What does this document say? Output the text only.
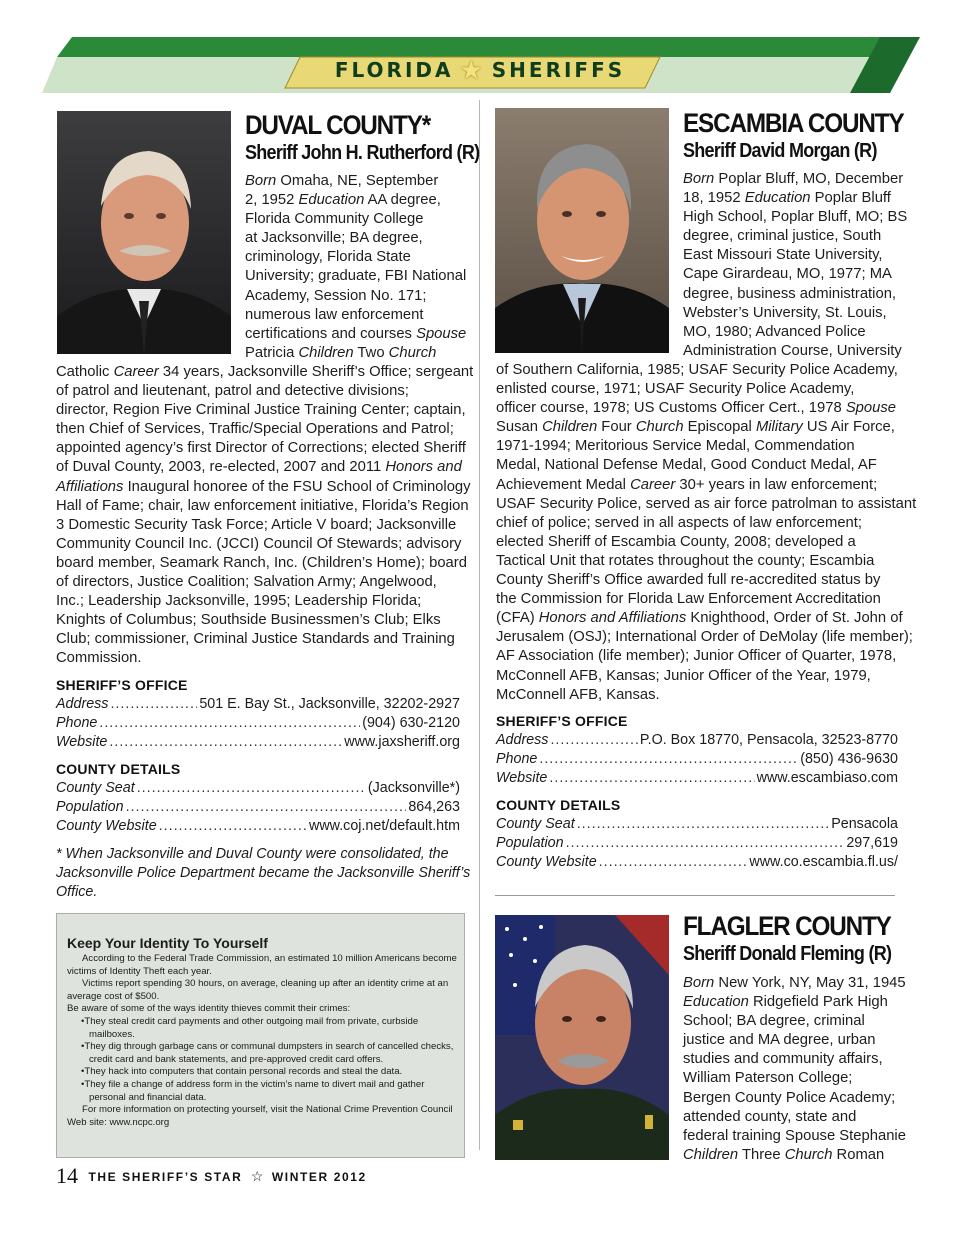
FLORIDA ★ SHERIFFS
DUVAL COUNTY*
Sheriff John H. Rutherford (R)

Born Omaha, NE, September

2, 1952 Education AA degree,

Florida Community College

at Jacksonville; BA degree,

criminology, Florida State

University; graduate, FBI National

Academy, Session No. 171;

numerous law enforcement

certifications and courses Spouse

Patricia Children Two Church

Catholic Career 34 years, Jacksonville Sheriff’s Office; sergeant

of patrol and lieutenant, patrol and detective divisions;

director, Region Five Criminal Justice Training Center; captain,

then Chief of Services, Traffic/Special Operations and Patrol;

appointed agency’s first Director of Corrections; elected Sheriff

of Duval County, 2003, re-elected, 2007 and 2011 Honors and

Affiliations Inaugural honoree of the FSU School of Criminology

Hall of Fame; chair, law enforcement initiative, Florida’s Region

3 Domestic Security Task Force; Article V board; Jacksonville

Community Council Inc. (JCCI) Council Of Stewards; advisory

board member, Seamark Ranch, Inc. (Children’s Home); board

of directors, Justice Coalition; Salvation Army; Angelwood,

Inc.; Leadership Jacksonville, 1995; Leadership Florida;

Knights of Columbus; Southside Businessmen’s Club; Elks

Club; commissioner, Criminal Justice Standards and Training

Commission.

SHERIFF’S OFFICE
Address .....	501 E. Bay St., Jacksonville, 32202-2927
Phone .....	(904) 630-2120
Website .....	www.jaxsheriff.org
COUNTY DETAILS
County Seat .....	(Jacksonville*)
Population .....	864,263
County Website .....	www.coj.net/default.htm
* When Jacksonville and Duval County were consolidated, the Jacksonville Police Department became the Jacksonville Sheriff’s Office.
Keep Your Identity To Yourself

According to the Federal Trade Commission, an estimated 10 million Americans become victims of Identity Theft each year.

Victims report spending 30 hours, on average, cleaning up after an identity crime at an average cost of $500.

Be aware of some of the ways identity thieves commit their crimes:

•They steal credit card payments and other outgoing mail from private, curbside mailboxes.

•They dig through garbage cans or communal dumpsters in search of cancelled checks, credit card and bank statements, and pre-approved credit card offers.

•They hack into computers that contain personal records and steal the data.

•They file a change of address form in the victim’s name to divert mail and gather personal and financial data.

For more information on protecting yourself, visit the National Crime Prevention Council Web site: www.ncpc.org

ESCAMBIA COUNTY
Sheriff David Morgan (R)

Born Poplar Bluff, MO, December

18, 1952 Education Poplar Bluff

High School, Poplar Bluff, MO; BS

degree, criminal justice, South

East Missouri State University,

Cape Girardeau, MO, 1977; MA

degree, business administration,

Webster’s University, St. Louis,

MO, 1980; Advanced Police

Administration Course, University

of Southern California, 1985; USAF Security Police Academy,

enlisted course, 1971; USAF Security Police Academy,

officer course, 1978; US Customs Officer Cert., 1978 Spouse

Susan Children Four Church Episcopal Military US Air Force,

1971-1994; Meritorious Service Medal, Commendation

Medal, National Defense Medal, Good Conduct Medal, AF

Achievement Medal Career 30+ years in law enforcement;

USAF Security Police, served as air force patrolman to assistant

chief of police; served in all aspects of law enforcement;

elected Sheriff of Escambia County, 2008; developed a

Tactical Unit that rotates throughout the county; Escambia

County Sheriff’s Office awarded full re-accredited status by

the Commission for Florida Law Enforcement Accreditation

(CFA) Honors and Affiliations Knighthood, Order of St. John of

Jerusalem (OSJ); International Order of DeMolay (life member);

AF Association (life member); Junior Officer of Quarter, 1978,

McConnell AFB, Kansas; Junior Officer of the Year, 1979,

McConnell AFB, Kansas.

SHERIFF’S OFFICE
Address .....	P.O. Box 18770, Pensacola, 32523-8770
Phone .....	(850) 436-9630
Website .....	www.escambiaso.com
COUNTY DETAILS
County Seat .....	Pensacola
Population .....	297,619
County Website .....	www.co.escambia.fl.us/
FLAGLER COUNTY
Sheriff Donald Fleming (R)

Born New York, NY, May 31, 1945

Education Ridgefield Park High

School; BA degree, criminal

justice and MA degree, urban

studies and community affairs,

William Paterson College;

Bergen County Police Academy;

attended county, state and

federal training Spouse Stephanie

Children Three Church Roman

14 THE SHERIFF’S STAR ☆ WINTER 2012
